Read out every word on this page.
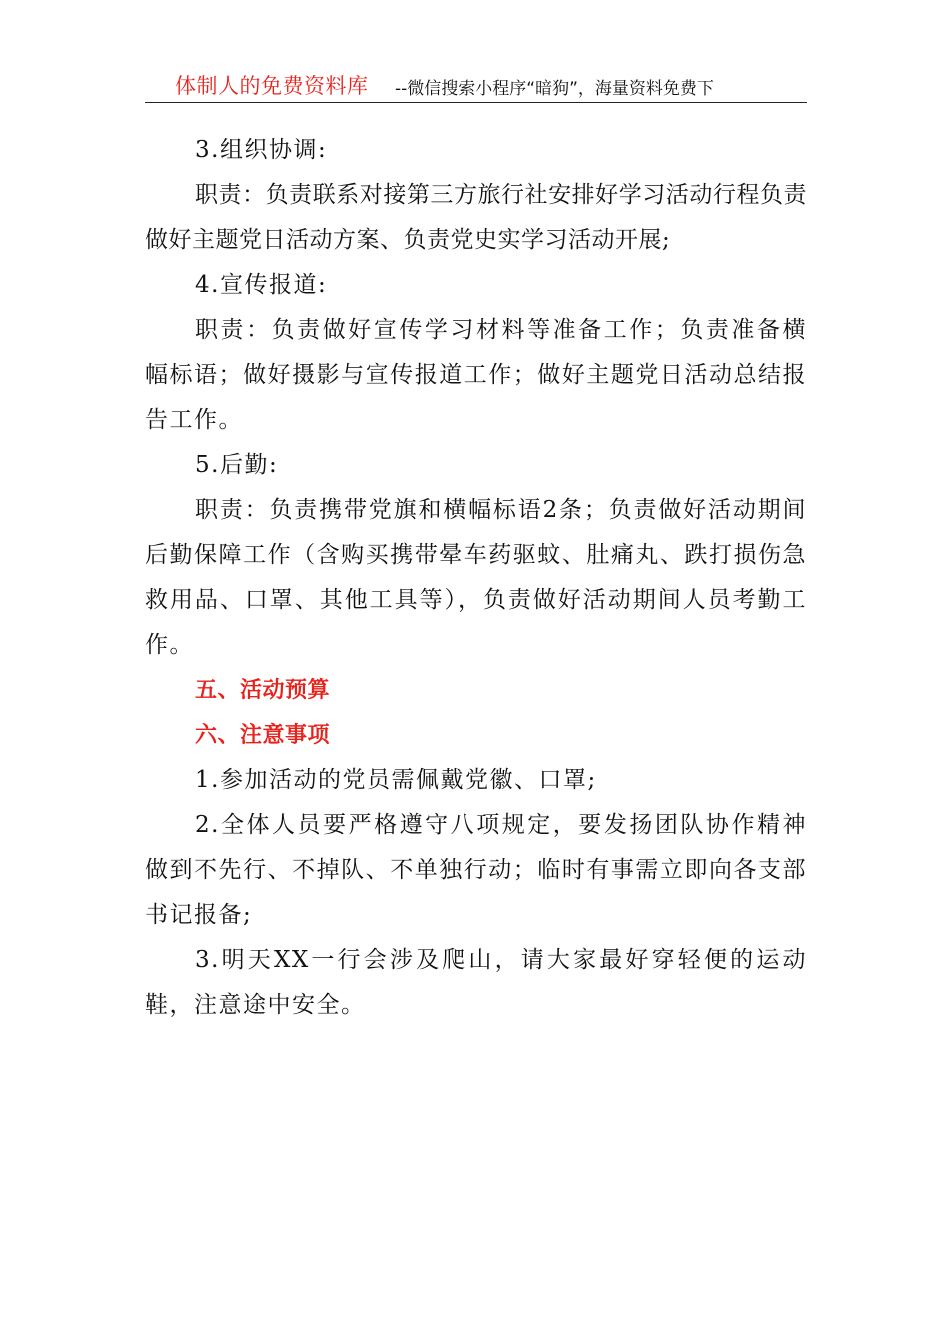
体制人的免费资料库 --微信搜索小程序“暗狗”，海量资料免费下

3.组织协调:

职责：负责联系对接第三方旅行社安排好学习活动行程负责做好主题党日活动方案、负责党史实学习活动开展;

4.宣传报道:

职责：负责做好宣传学习材料等准备工作；负责准备横幅标语；做好摄影与宣传报道工作；做好主题党日活动总结报告工作。

5.后勤:

职责：负责携带党旗和横幅标语2条；负责做好活动期间后勤保障工作（含购买携带晕车药驱蚊、肚痛丸、跌打损伤急救用品、口罩、其他工具等），负责做好活动期间人员考勤工作。

五、活动预算

六、注意事项

1.参加活动的党员需佩戴党徽、口罩;

2.全体人员要严格遵守八项规定，要发扬团队协作精神做到不先行、不掉队、不单独行动；临时有事需立即向各支部书记报备;

3.明天XX一行会涉及爬山，请大家最好穿轻便的运动鞋，注意途中安全。
